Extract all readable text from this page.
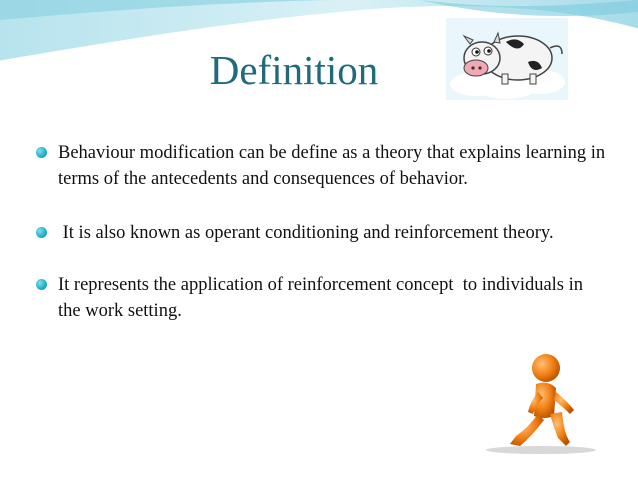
Definition
Behaviour modification can be define as a theory that explains learning in terms of the antecedents and consequences of behavior.
It is also known as operant conditioning and reinforcement theory.
It represents the application of reinforcement concept  to individuals in the work setting.
